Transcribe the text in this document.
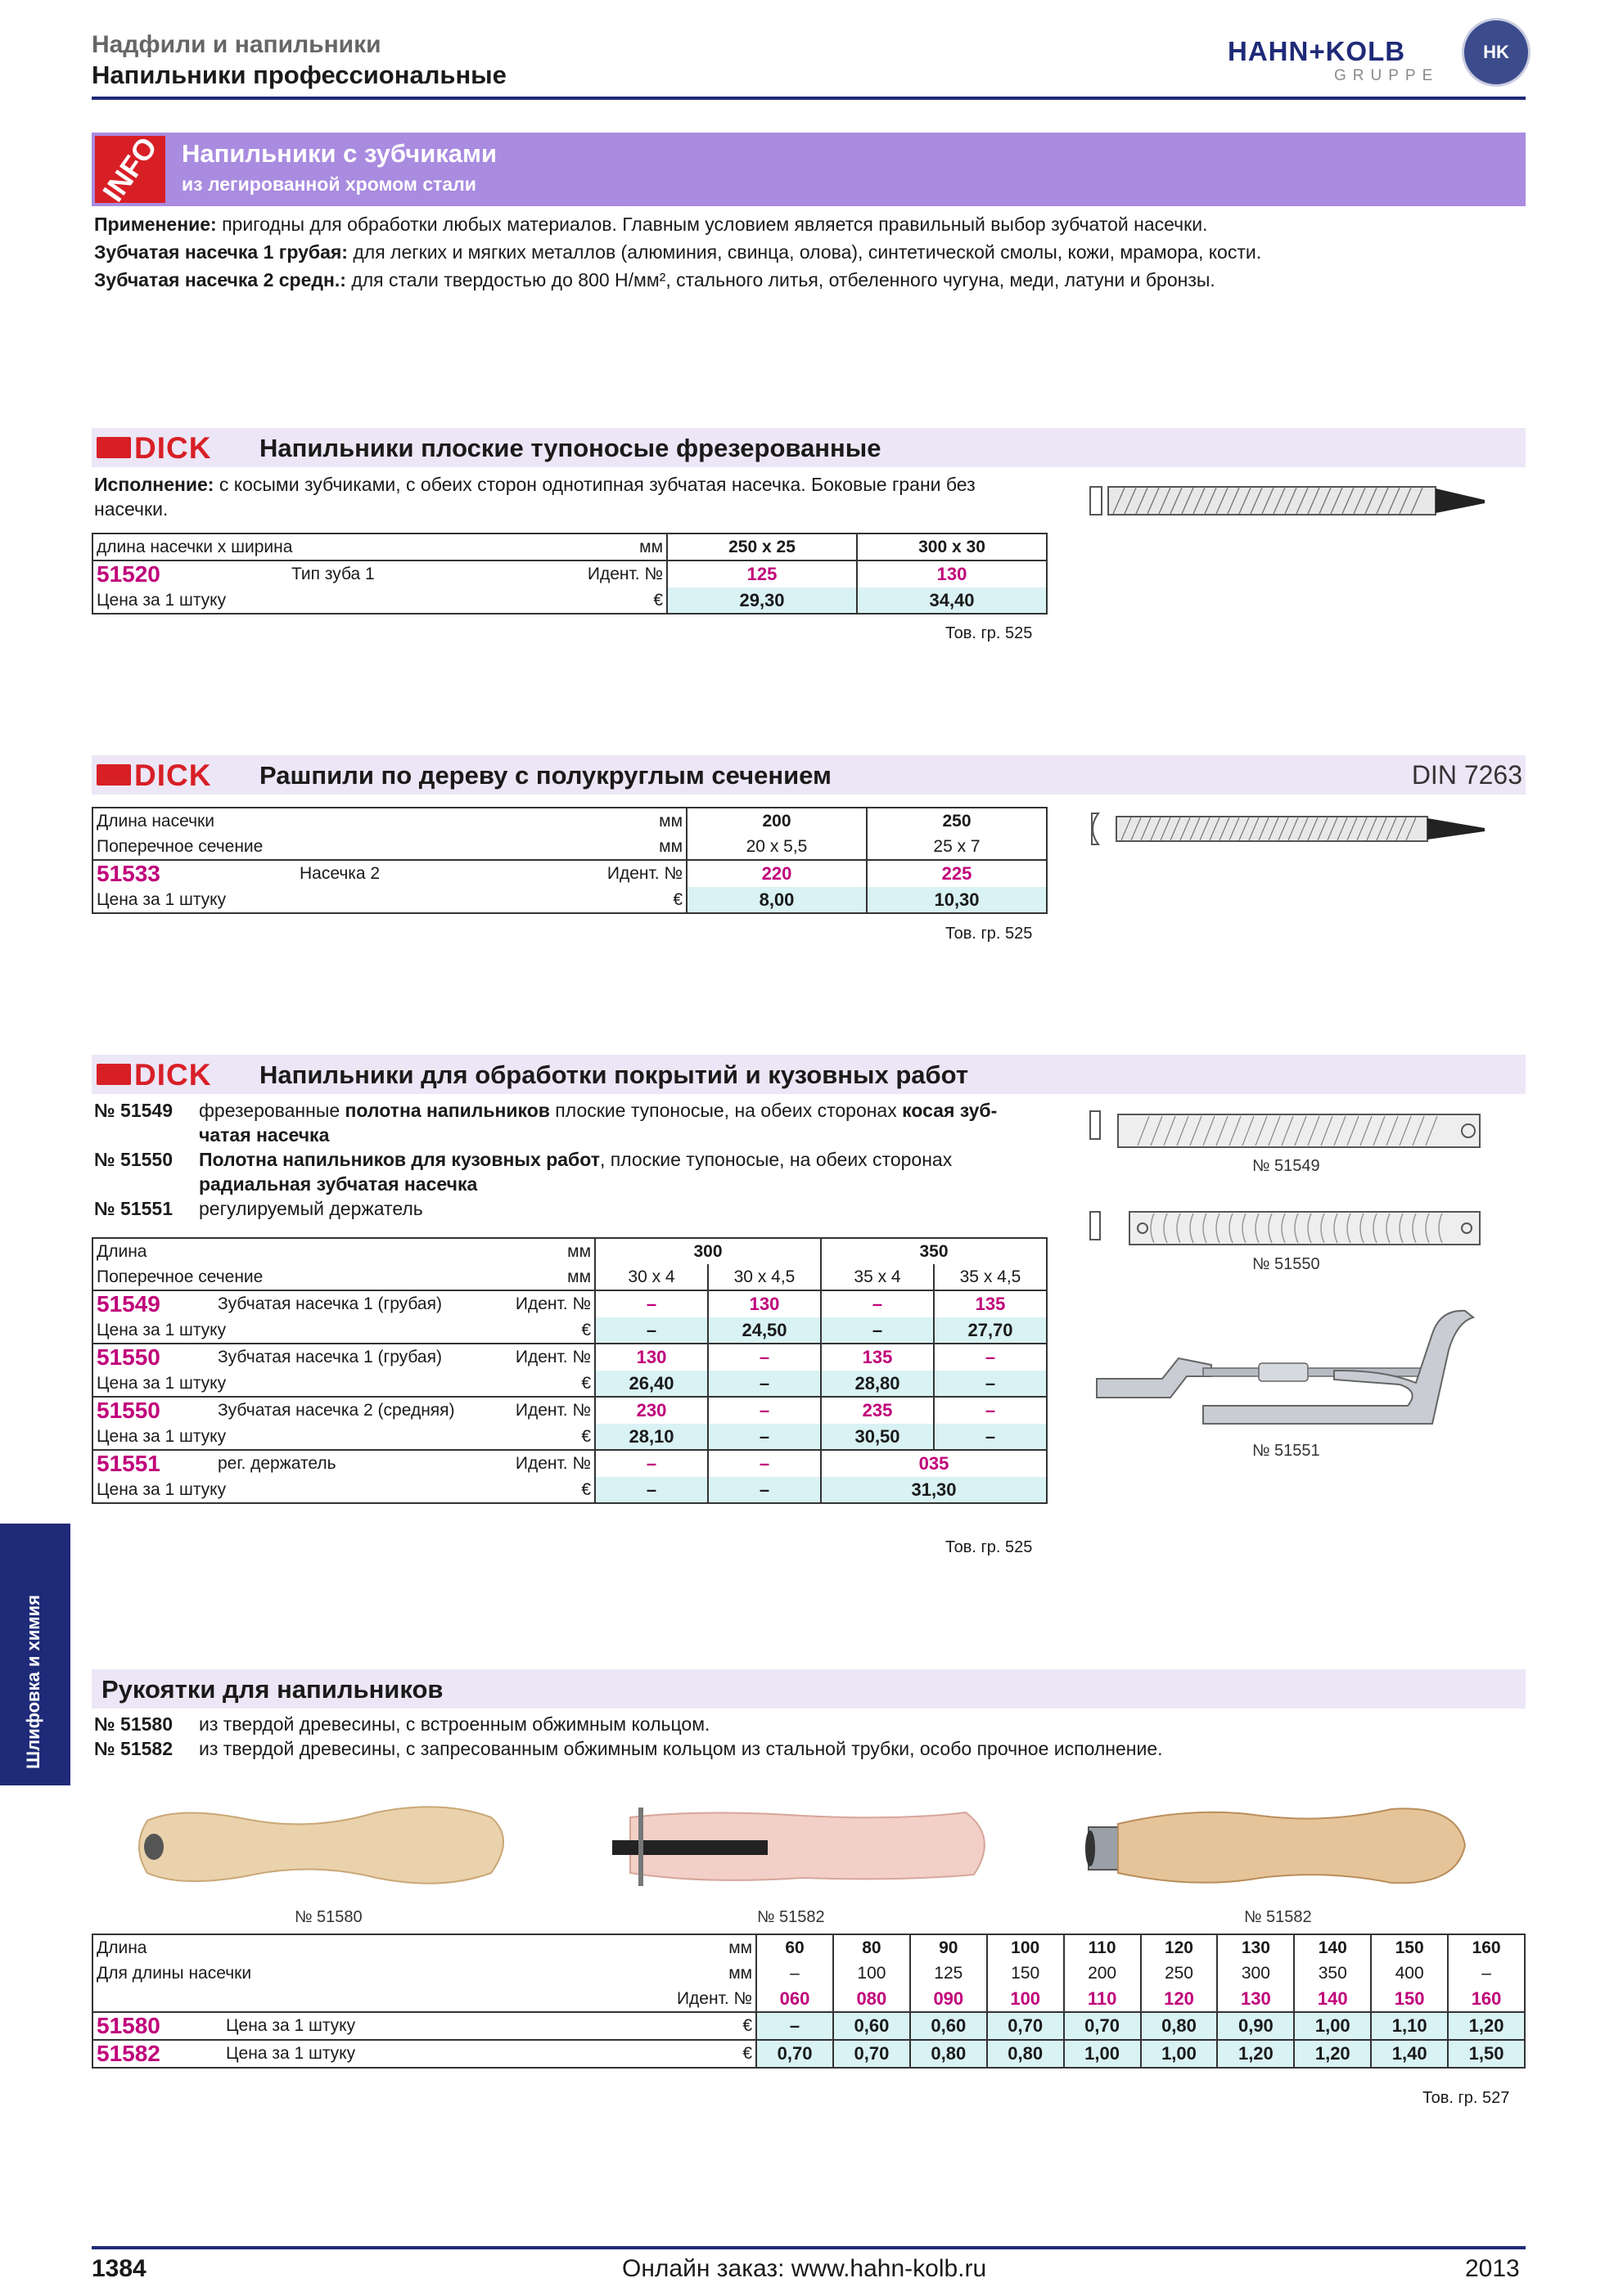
Надфили и напильники
Напильники профессиональные
HAHN+KOLB
GRUPPE
HK
INFO Напильники с зубчиками
из легированной хромом стали
Применение: пригодны для обработки любых материалов. Главным условием является правильный выбор зубчатой насечки.
Зубчатая насечка 1 грубая: для легких и мягких металлов (алюминия, свинца, олова), синтетической смолы, кожи, мрамора, кости.
Зубчатая насечка 2 средн.: для стали твердостью до 800 Н/мм², стального литья, отбеленного чугуна, меди, латуни и бронзы.
DICK Напильники плоские тупоносые фрезерованные
Исполнение: с косыми зубчиками, с обеих сторон однотипная зубчатая насечка. Боковые грани без насечки.
длина насечки x ширина		мм	250 x 25	300 x 30
51520	Тип зуба 1	Идент. №	125	130
Цена за 1 штуку		€	29,30	34,40
Тов. гр. 525
DICK Рашпили по дереву с полукруглым сечением	DIN 7263
Длина насечки		мм	200	250
Поперечное сечение		мм	20 x 5,5	25 x 7
51533	Насечка 2	Идент. №	220	225
Цена за 1 штуку		€	8,00	10,30
Тов. гр. 525
DICK Напильники для обработки покрытий и кузовных работ
№ 51549	фрезерованные полотна напильников плоские тупоносые, на обеих сторонах косая зуб-
чатая насечка
№ 51550	Полотна напильников для кузовных работ, плоские тупоносые, на обеих сторонах
радиальная зубчатая насечка
№ 51551	регулируемый держатель
№ 51549
№ 51550
№ 51551
Длина		мм	300		350	
Поперечное сечение		мм	30 x 4	30 x 4,5	35 x 4	35 x 4,5
51549	Зубчатая насечка 1 (грубая)	Идент. №	–	130	–	135
Цена за 1 штуку		€	–	24,50	–	27,70
51550	Зубчатая насечка 1 (грубая)	Идент. №	130	–	135	–
Цена за 1 штуку		€	26,40	–	28,80	–
51550	Зубчатая насечка 2 (средняя)	Идент. №	230	–	235	–
Цена за 1 штуку		€	28,10	–	30,50	–
51551	рег. держатель	Идент. №	–	–	035	
Цена за 1 штуку		€	–	–	31,30	
Тов. гр. 525
Рукоятки для напильников
№ 51580	из твердой древесины, с встроенным обжимным кольцом.
№ 51582	из твердой древесины, с запресованным обжимным кольцом из стальной трубки, особо прочное исполнение.
№ 51580	№ 51582	№ 51582
Длина		мм	60	80	90	100	110	120	130	140	150	160
Для длины насечки		мм	–	100	125	150	200	250	300	350	400	–
		Идент. №	060	080	090	100	110	120	130	140	150	160
51580	Цена за 1 штуку	€	–	0,60	0,60	0,70	0,70	0,80	0,90	1,00	1,10	1,20
51582	Цена за 1 штуку	€	0,70	0,70	0,80	0,80	1,00	1,00	1,20	1,20	1,40	1,50
Тов. гр. 527
Шлифовка и химия
1384	Онлайн заказ: www.hahn-kolb.ru	2013
